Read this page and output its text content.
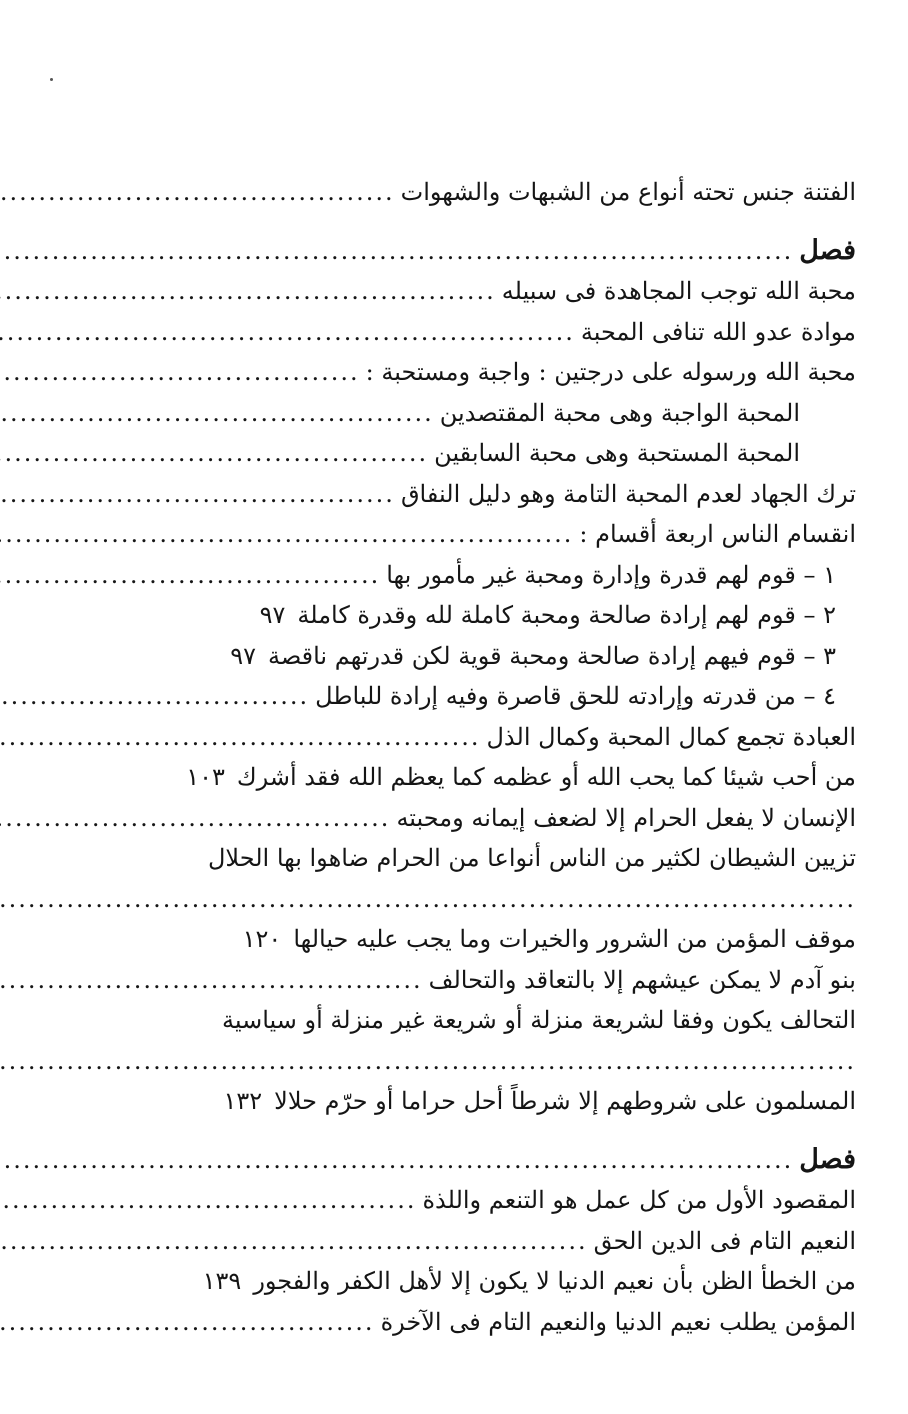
الفتنة جنس تحته أنواع من الشبهات والشهوات
.....
فصل
.....
محبة الله توجب المجاهدة فى سبيله
.....
موادة عدو الله تنافى المحبة
.....
محبة الله ورسوله على درجتين : واجبة ومستحبة :
.....
المحبة الواجبة وهى محبة المقتصدين
.....
المحبة المستحبة وهى محبة السابقين
.....
ترك الجهاد لعدم المحبة التامة وهو دليل النفاق
.....
انقسام الناس اربعة أقسام :
.....
١ – قوم لهم قدرة وإدارة ومحبة غير مأمور بها
.....
٢ – قوم لهم إرادة صالحة ومحبة كاملة لله وقدرة كاملة
٩٧
٣ – قوم فيهم إرادة صالحة ومحبة قوية لكن قدرتهم ناقصة
٩٧
٤ – من قدرته وإرادته للحق قاصرة وفيه إرادة للباطل
.....
العبادة تجمع كمال المحبة وكمال الذل
.....
من أحب شيئا كما يحب الله أو عظمه كما يعظم الله فقد أشرك
١٠٣
الإنسان لا يفعل الحرام إلا لضعف إيمانه ومحبته
.....
تزيين الشيطان لكثير من الناس أنواعا من الحرام ضاهوا بها الحلال
.....
موقف المؤمن من الشرور والخيرات وما يجب عليه حيالها
١٢٠
بنو آدم لا يمكن عيشهم إلا بالتعاقد والتحالف
.....
التحالف يكون وفقا لشريعة منزلة أو شريعة غير منزلة أو سياسية
.....
المسلمون على شروطهم إلا شرطاً أحل حراما أو حرّم حلالا
١٣٢
فصل
.....
المقصود الأول من كل عمل هو التنعم واللذة
.....
النعيم التام فى الدين الحق
.....
من الخطأ الظن بأن نعيم الدنيا لا يكون إلا لأهل الكفر والفجور
١٣٩
المؤمن يطلب نعيم الدنيا والنعيم التام فى الآخرة
.....
